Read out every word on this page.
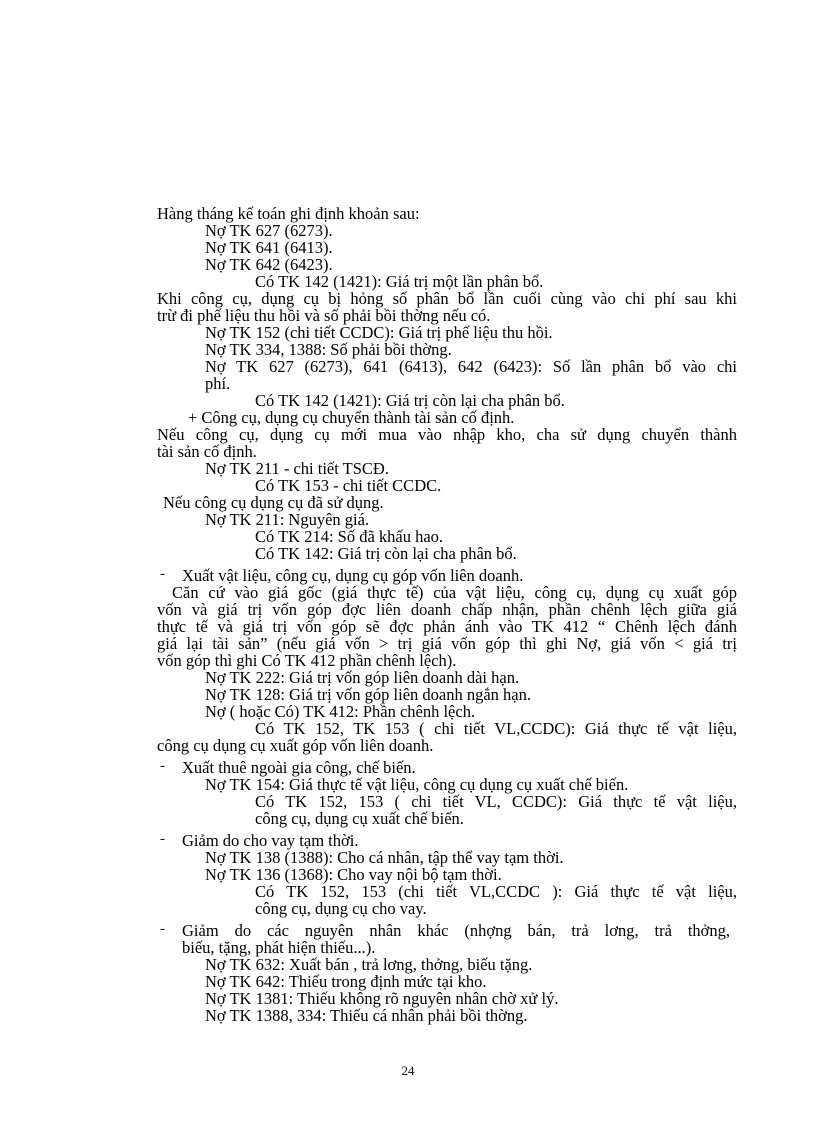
Hàng tháng kế toán ghi định khoản sau:
Nợ TK 627 (6273).
Nợ TK 641 (6413).
Nợ TK 642 (6423).
Có TK 142 (1421): Giá trị một lần phân bổ.
Khi công cụ, dụng cụ bị hỏng số phân bổ lần cuối cùng vào chi phí sau khi
trừ đi phế liệu thu hồi và số phải bồi thờng nếu có.
Nợ TK 152 (chi tiết CCDC): Giá trị phế liệu thu hồi.
Nợ TK 334, 1388: Số phải bồi thờng.
Nợ TK 627 (6273), 641 (6413), 642 (6423): Số lần phân bổ vào chi
phí.
Có TK 142 (1421): Giá trị còn lại cha phân bổ.
+ Công cụ, dụng cụ chuyển thành tài sản cố định.
Nếu công cụ, dụng cụ mới mua vào nhập kho, cha sử dụng chuyển thành
tài sản cố định.
Nợ TK 211 - chi tiết TSCĐ.
Có TK 153 - chi tiết CCDC.
Nếu công cụ dụng cụ đã sử dụng.
Nợ TK 211: Nguyên giá.
Có TK 214: Số đã khấu hao.
Có TK 142: Giá trị còn lại cha phân bổ.
- Xuất vật liệu, công cụ, dụng cụ góp vốn liên doanh.
Căn cứ vào giá gốc (giá thực tế) của vật liệu, công cụ, dụng cụ xuất góp
vốn và giá trị vốn góp đợc liên doanh chấp nhận, phần chênh lệch giữa giá
thực tế và giá trị vốn góp sẽ đợc phản ánh vào TK 412 “ Chênh lệch đánh
giá lại tài sản” (nếu giá vốn > trị giá vốn góp thì ghi Nợ, giá vốn < giá trị
vốn góp thì ghi Có TK 412 phần chênh lệch).
Nợ TK 222: Giá trị vốn góp liên doanh dài hạn.
Nợ TK 128: Giá trị vốn góp liên doanh ngắn hạn.
Nợ ( hoặc Có) TK 412: Phần chênh lệch.
Có TK 152, TK 153 ( chi tiết VL,CCDC): Giá thực tế vật liệu,
công cụ dụng cụ xuất góp vốn liên doanh.
- Xuất thuê ngoài gia công, chế biến.
Nợ TK 154: Giá thực tế vật liệu, công cụ dụng cụ xuất chế biến.
Có TK 152, 153 ( chi tiết VL, CCDC): Giá thực tế vật liệu,
công cụ, dụng cụ xuất chế biến.
- Giảm do cho vay tạm thời.
Nợ TK 138 (1388): Cho cá nhân, tập thể vay tạm thời.
Nợ TK 136 (1368): Cho vay nội bộ tạm thời.
Có TK 152, 153 (chi tiết VL,CCDC ): Giá thực tế vật liệu,
công cụ, dụng cụ cho vay.
- Giảm do các nguyên nhân khác (nhợng bán, trả lơng, trả thởng,
biếu, tặng, phát hiện thiếu...).
Nợ TK 632: Xuất bán , trả lơng, thởng, biếu tặng.
Nợ TK 642: Thiếu trong định mức tại kho.
Nợ TK 1381: Thiếu không rõ nguyên nhân chờ xử lý.
Nợ TK 1388, 334: Thiếu cá nhân phải bồi thờng.
24
